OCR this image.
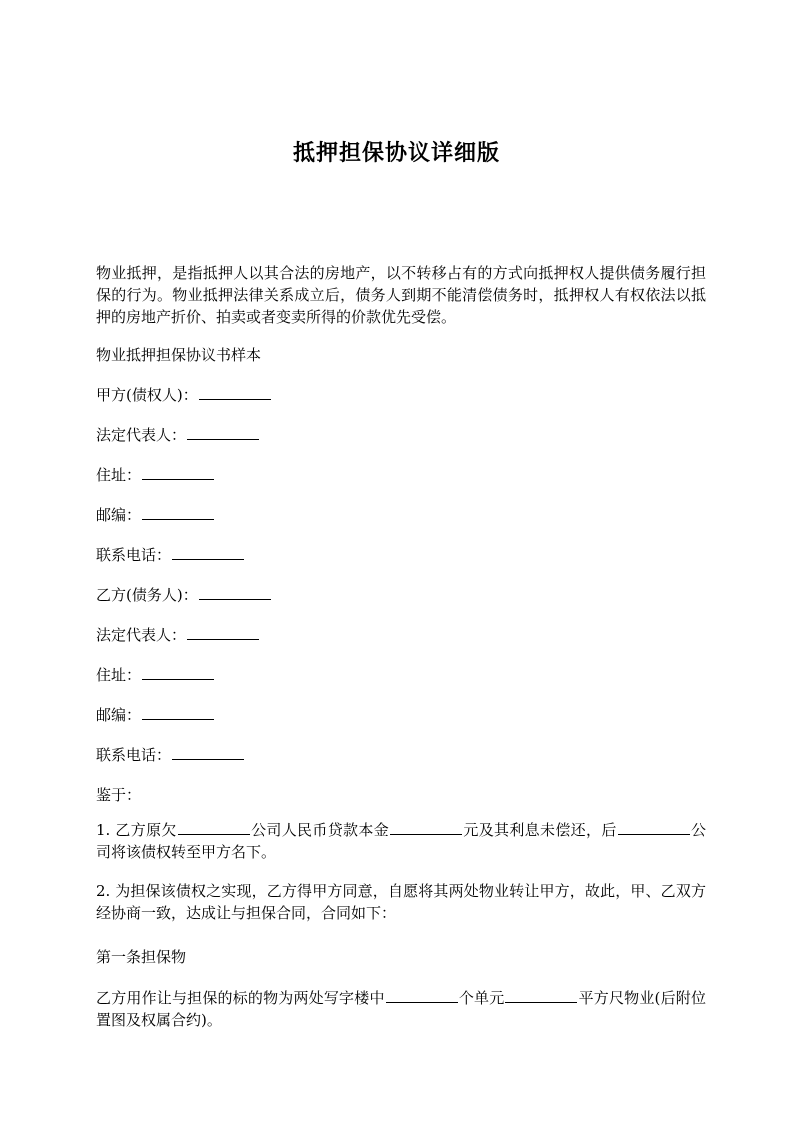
抵押担保协议详细版
物业抵押，是指抵押人以其合法的房地产，以不转移占有的方式向抵押权人提供债务履行担保的行为。物业抵押法律关系成立后，债务人到期不能清偿债务时，抵押权人有权依法以抵押的房地产折价、拍卖或者变卖所得的价款优先受偿。
物业抵押担保协议书样本
甲方(债权人)：
法定代表人：
住址：
邮编：
联系电话：
乙方(债务人)：
法定代表人：
住址：
邮编：
联系电话：
鉴于：
1. 乙方原欠	公司人民币贷款本金	元及其利息未偿还，后	公司将该债权转至甲方名下。
2. 为担保该债权之实现，乙方得甲方同意，自愿将其两处物业转让甲方，故此，甲、乙双方经协商一致，达成让与担保合同，合同如下：
第一条担保物
乙方用作让与担保的标的物为两处写字楼中	个单元	平方尺物业(后附位置图及权属合约)。
